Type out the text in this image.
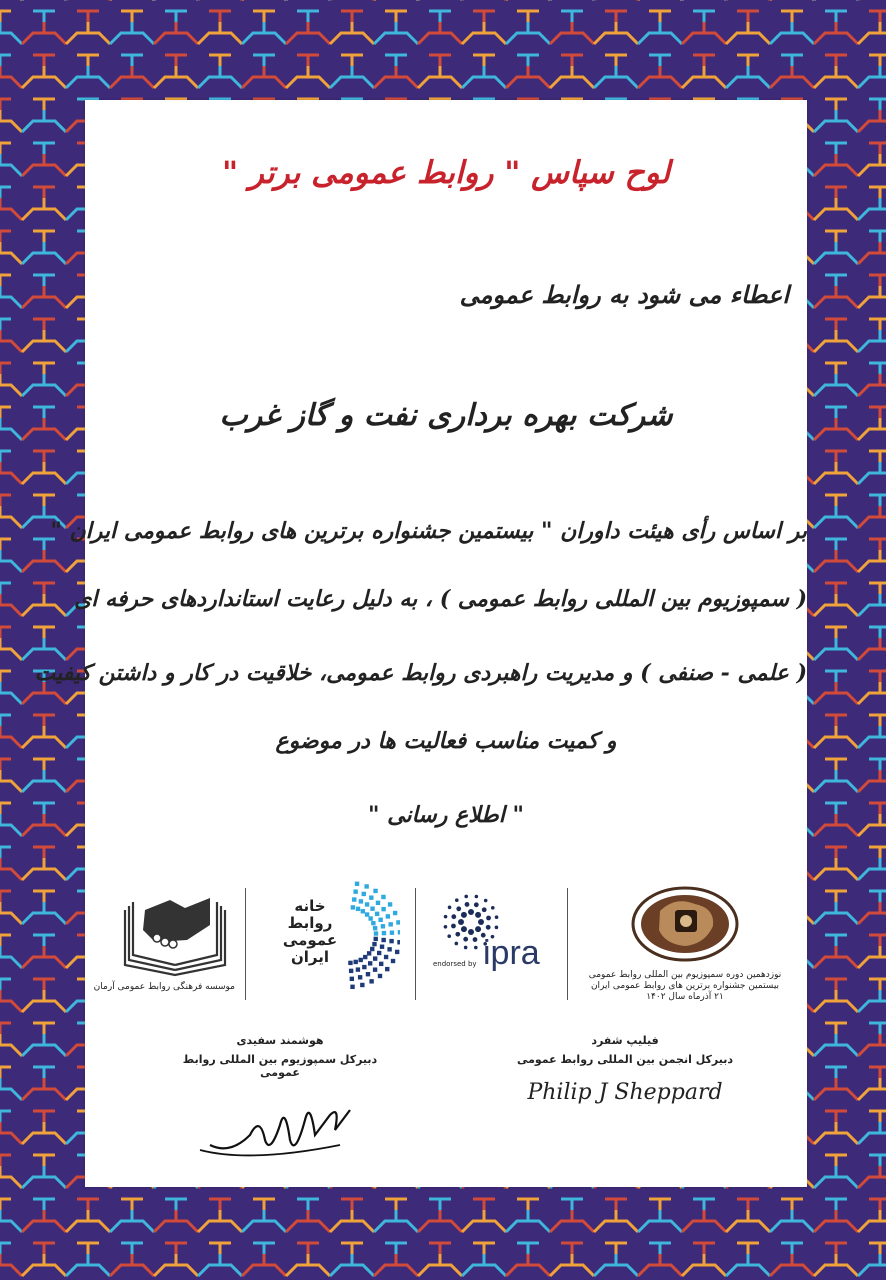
لوح سپاس " روابط عمومی برتر "
اعطاء می شود به روابط عمومی
شرکت بهره برداری نفت و گاز غرب
بر اساس رأی هیئت داوران " بیستمین جشنواره برترین های روابط عمومی ایران "
( سمپوزیوم بین المللی روابط عمومی ) ، به دلیل رعایت استانداردهای حرفه ای
( علمی - صنفی ) و مدیریت راهبردی روابط عمومی، خلاقیت در کار و داشتن کیفیت
و کمیت مناسب فعالیت ها در موضوع
" اطلاع رسانی "
موسسه فرهنگی روابط عمومی آرمان
خانه
روابط
عمومی
ایران	ipra
endorsed by
نوزدهمین دوره سمپوزیوم بین المللی روابط عمومی
بیستمین جشنواره برترین های روابط عمومی ایران
۲۱ آذرماه سال ۱۴۰۲
هوشمند سفیدی
دبیرکل سمپوزیوم بین المللی روابط عمومی
فیلیپ شفرد
دبیرکل انجمن بین المللی روابط عمومی
Philip J Sheppard
